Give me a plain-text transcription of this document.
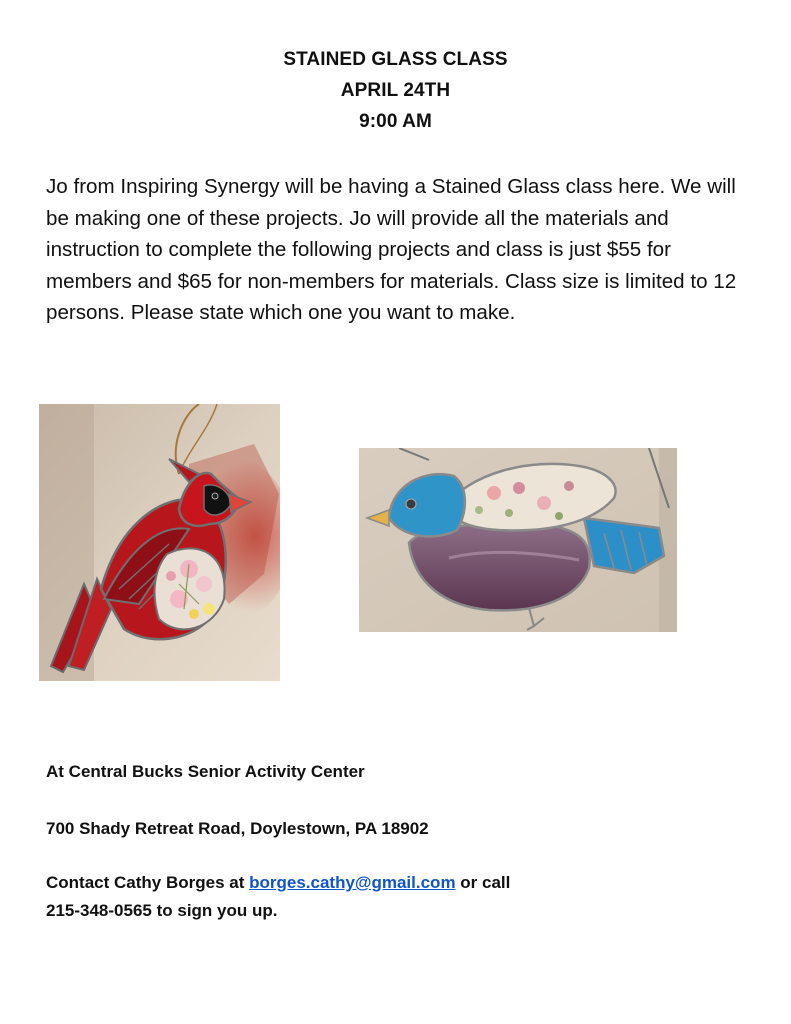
STAINED GLASS CLASS
APRIL 24TH
9:00 AM

Jo from Inspiring Synergy will be having a Stained Glass class here. We will be making one of these projects. Jo will provide all the materials and instruction to complete the following projects and class is just $55 for members and $65 for non-members for materials. Class size is limited to 12 persons. Please state which one you want to make.

At Central Bucks Senior Activity Center

700 Shady Retreat Road, Doylestown, PA 18902

Contact Cathy Borges at borges.cathy@gmail.com or call
215-348-0565 to sign you up.
